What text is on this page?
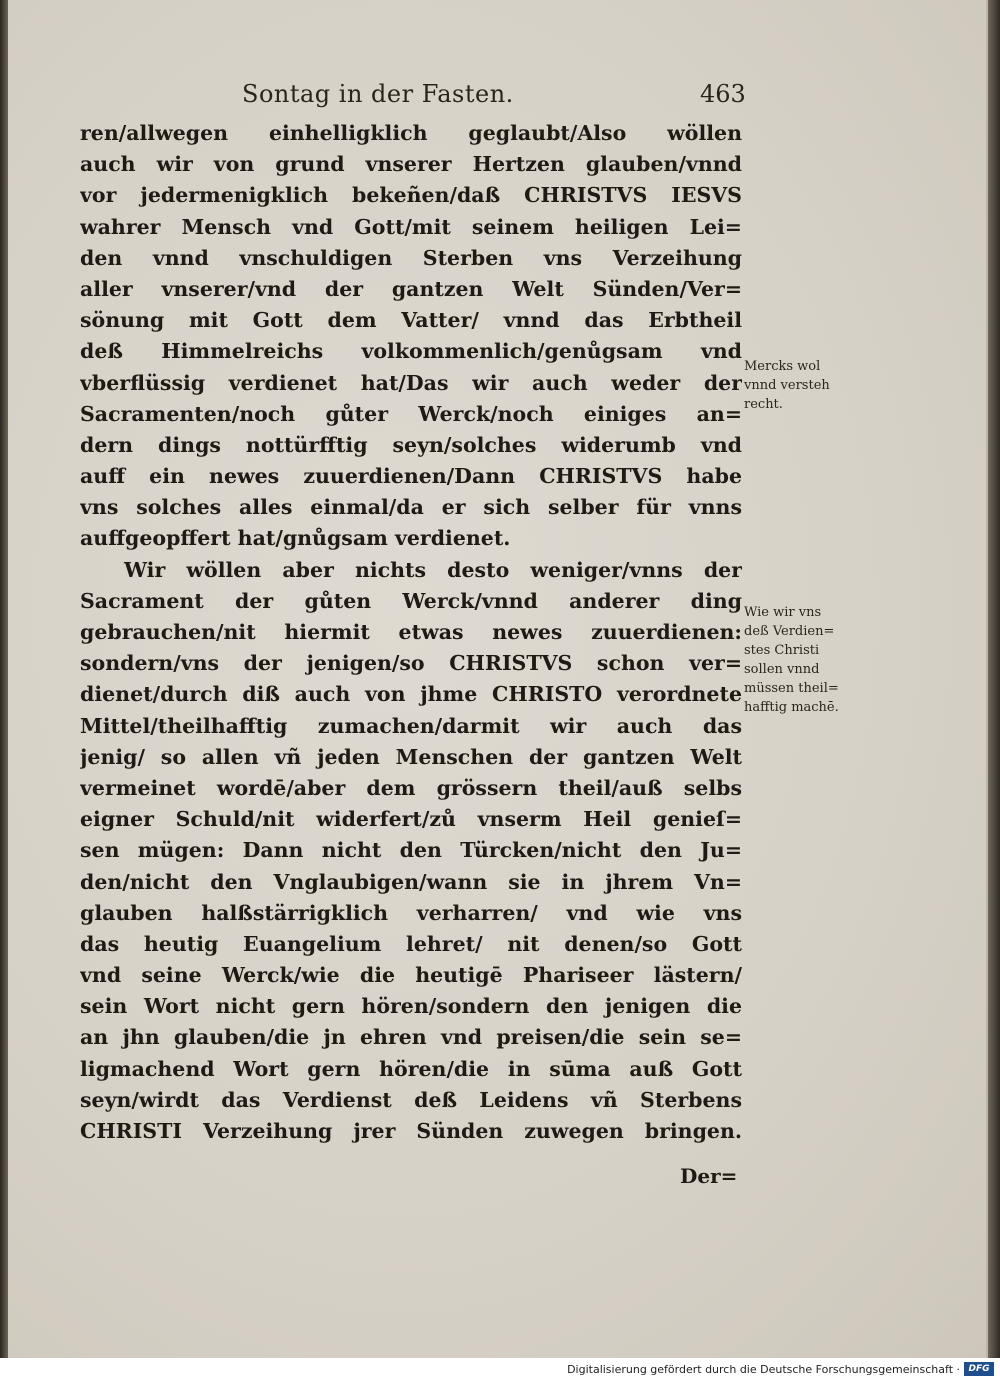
Sontag in der Fasten.	463
ren/allwegen einhelligklich geglaubt/Also wöllen
auch wir von grund vnserer Hertzen glauben/vnnd
vor jedermenigklich bekeñen/daß CHRISTVS IESVS
wahrer Mensch vnd Gott/mit seinem heiligen Lei=
den vnnd vnschuldigen Sterben vns Verzeihung
aller vnserer/vnd der gantzen Welt Sünden/Ver=
sönung mit Gott dem Vatter/ vnnd das Erbtheil
deß Himmelreichs volkommenlich/genůgsam vnd
vberflüssig verdienet hat/Das wir auch weder der
Sacramenten/noch gůter Werck/noch einiges an=
dern dings nottürfftig seyn/solches widerumb vnd
auff ein newes zuuerdienen/Dann CHRISTVS habe
vns solches alles einmal/da er sich selber für vnns
auffgeopffert hat/gnůgsam verdienet.
Wir wöllen aber nichts desto weniger/vnns der
Sacrament der gůten Werck/vnnd anderer ding
gebrauchen/nit hiermit etwas newes zuuerdienen:
sondern/vns der jenigen/so CHRISTVS schon ver=
dienet/durch diß auch von jhme CHRISTO verordnete
Mittel/theilhafftig zumachen/darmit wir auch das
jenig/ so allen vñ jeden Menschen der gantzen Welt
vermeinet wordē/aber dem grössern theil/auß selbs
eigner Schuld/nit widerfert/zů vnserm Heil genieſ=
sen mügen: Dann nicht den Türcken/nicht den Ju=
den/nicht den Vnglaubigen/wann sie in jhrem Vn=
glauben halßstärrigklich verharren/ vnd wie vns
das heutig Euangelium lehret/ nit denen/so Gott
vnd seine Werck/wie die heutigē Phariseer lästern/
sein Wort nicht gern hören/sondern den jenigen die
an jhn glauben/die jn ehren vnd preisen/die sein se=
ligmachend Wort gern hören/die in sūma auß Gott
seyn/wirdt das Verdienst deß Leidens vñ Sterbens
CHRISTI Verzeihung jrer Sünden zuwegen bringen.
Der=
Mercks wol
vnnd versteh
recht.
Wie wir vns
deß Verdien=
stes Christi
sollen vnnd
müssen theil=
hafftig machē.
Digitalisierung gefördert durch die Deutsche Forschungsgemeinschaft · DFG
